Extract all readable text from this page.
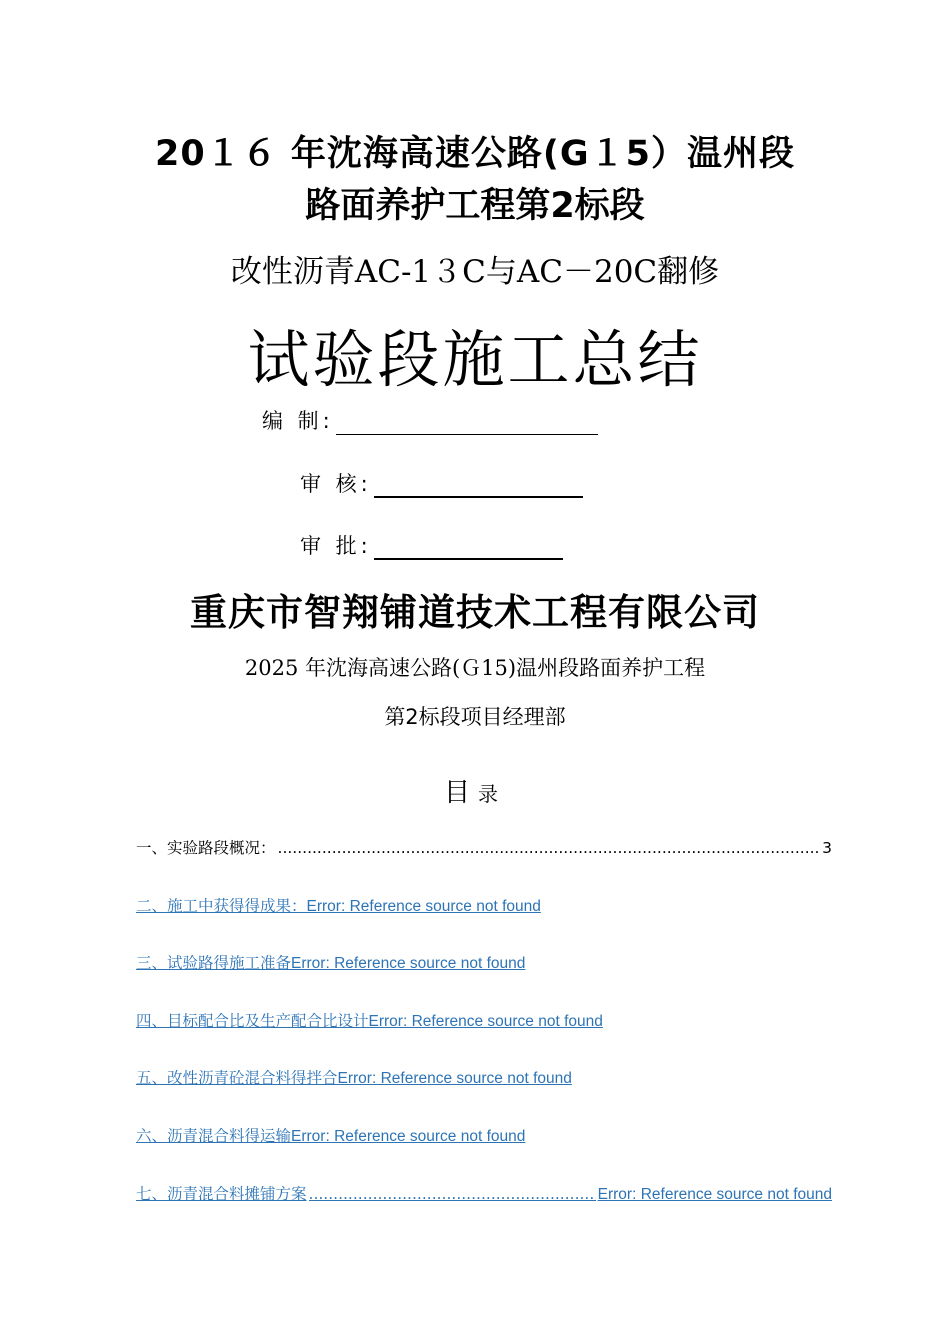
20１６ 年沈海高速公路(G１5）温州段
路面养护工程第2标段
改性沥青AC-1３C与AC－20C翻修
试验段施工总结
编 制:
审 核:
审 批:
重庆市智翔铺道技术工程有限公司
2025 年沈海高速公路(Ｇ15)温州段路面养护工程
第2标段项目经理部
目录
一、实验路段概况： .....	3
二、施工中获得得成果： Error: Reference source not found
三、试验路得施工准备 Error: Reference source not found
四、目标配合比及生产配合比设计 Error: Reference source not found
五、改性沥青砼混合料得拌合 Error: Reference source not found
六、沥青混合料得运输 Error: Reference source not found
七、沥青混合料摊铺方案 .....	Error: Reference source not found
